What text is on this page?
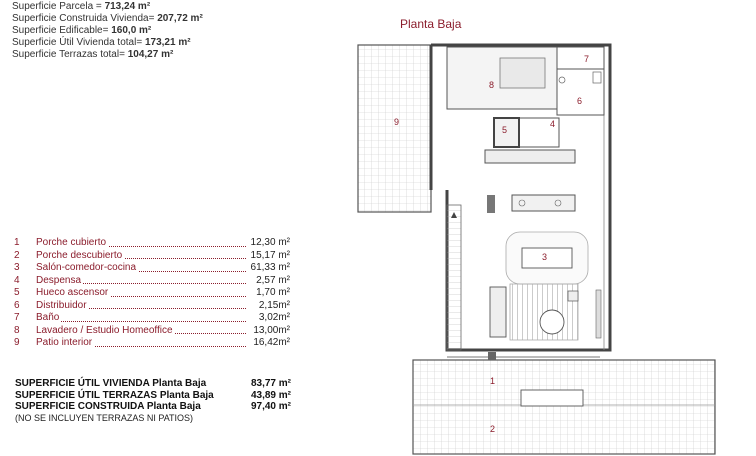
Superficie Parcela = 713,24 m²
Superficie Construida Vivienda= 207,72 m²
Superficie Edificable= 160,0 m²
Superficie Útil Vivienda total= 173,21 m²
Superficie Terrazas total= 104,27 m²
1	Porche cubierto	12,30 m²
2	Porche descubierto	15,17 m²
3	Salón-comedor-cocina	61,33 m²
4	Despensa	2,57 m²
5	Hueco ascensor	1,70 m²
6	Distribuidor	2,15m²
7	Baño	3,02m²
8	Lavadero / Estudio Homeoffice	13,00m²
9	Patio interior	16,42m²
SUPERFICIE ÚTIL VIVIENDA Planta Baja	83,77 m²
SUPERFICIE ÚTIL TERRAZAS Planta Baja	43,89 m²
SUPERFICIE CONSTRUIDA Planta Baja	97,40 m²
(NO SE INCLUYEN TERRAZAS NI PATIOS)
Planta Baja
1
2
3
4
5
6
7
8
9
